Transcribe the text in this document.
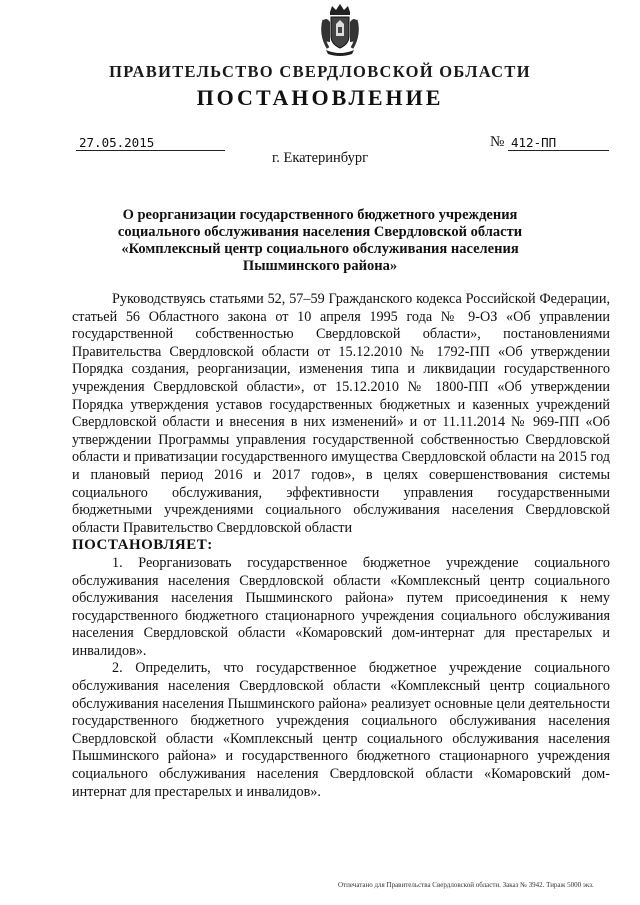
ПРАВИТЕЛЬСТВО СВЕРДЛОВСКОЙ ОБЛАСТИ
ПОСТАНОВЛЕНИЕ
27.05.2015	№ 412-ПП
г. Екатеринбург
О реорганизации государственного бюджетного учреждения социального обслуживания населения Свердловской области «Комплексный центр социального обслуживания населения Пышминского района»

Руководствуясь статьями 52, 57–59 Гражданского кодекса Российской Федерации, статьей 56 Областного закона от 10 апреля 1995 года № 9-ОЗ «Об управлении государственной собственностью Свердловской области», постановлениями Правительства Свердловской области от 15.12.2010 № 1792-ПП «Об утверждении Порядка создания, реорганизации, изменения типа и ликвидации государственного учреждения Свердловской области», от 15.12.2010 № 1800-ПП «Об утверждении Порядка утверждения уставов государственных бюджетных и казенных учреждений Свердловской области и внесения в них изменений» и от 11.11.2014 № 969-ПП «Об утверждении Программы управления государственной собственностью Свердловской области и приватизации государственного имущества Свердловской области на 2015 год и плановый период 2016 и 2017 годов», в целях совершенствования системы социального обслуживания, эффективности управления государственными бюджетными учреждениями социального обслуживания населения Свердловской области Правительство Свердловской области

ПОСТАНОВЛЯЕТ:

1. Реорганизовать государственное бюджетное учреждение социального обслуживания населения Свердловской области «Комплексный центр социального обслуживания населения Пышминского района» путем присоединения к нему государственного бюджетного стационарного учреждения социального обслуживания населения Свердловской области «Комаровский дом-интернат для престарелых и инвалидов».

2. Определить, что государственное бюджетное учреждение социального обслуживания населения Свердловской области «Комплексный центр социального обслуживания населения Пышминского района» реализует основные цели деятельности государственного бюджетного учреждения социального обслуживания населения Свердловской области «Комплексный центр социального обслуживания населения Пышминского района» и государственного бюджетного стационарного учреждения социального обслуживания населения Свердловской области «Комаровский дом-интернат для престарелых и инвалидов».

Отпечатано для Правительства Свердловской области. Заказ № 3942. Тираж 5000 экз.
